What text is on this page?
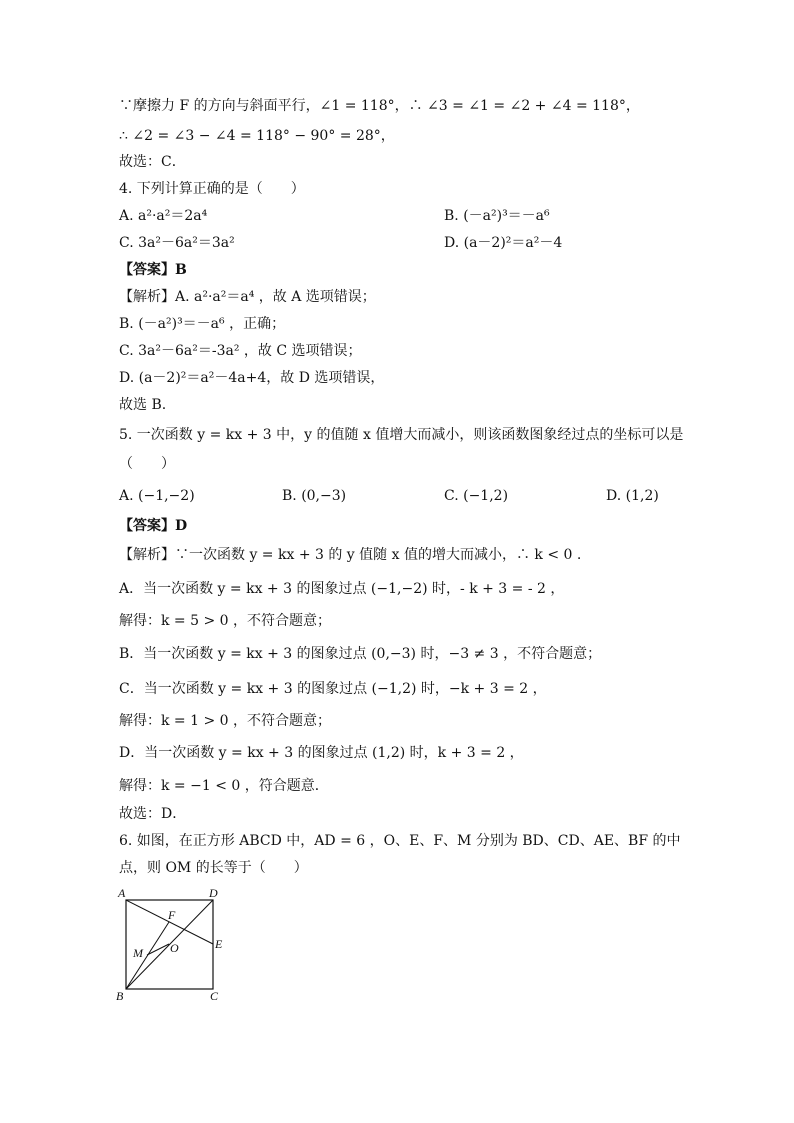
∵摩擦力 F 的方向与斜面平行，∠1 = 118°，∴ ∠3 = ∠1 = ∠2 + ∠4 = 118°，
∴ ∠2 = ∠3 − ∠4 = 118° − 90° = 28°，
故选：C．
4. 下列计算正确的是（　　）
A. a²·a²＝2a⁴	B. (－a²)³＝－a⁶
C. 3a²－6a²＝3a²	D. (a－2)²＝a²－4
【答案】B
【解析】A. a²·a²＝a⁴ ，故 A 选项错误；
B. (－a²)³＝－a⁶ ，正确；
C. 3a²－6a²＝-3a² ，故 C 选项错误；
D. (a－2)²＝a²－4a+4，故 D 选项错误，
故选 B.
5. 一次函数 y = kx + 3 中，y 的值随 x 值增大而减小，则该函数图象经过点的坐标可以是
（　　）
A. (−1,−2)	B. (0,−3)	C. (−1,2)	D. (1,2)
【答案】D
【解析】∵一次函数 y = kx + 3 的 y 值随 x 值的增大而减小，∴ k < 0 .
A．当一次函数 y = kx + 3 的图象过点 (−1,−2) 时，- k + 3 = - 2 ，
解得：k = 5 > 0 ，不符合题意；
B．当一次函数 y = kx + 3 的图象过点 (0,−3) 时，−3 ≠ 3 ，不符合题意；
C．当一次函数 y = kx + 3 的图象过点 (−1,2) 时，−k + 3 = 2 ，
解得：k = 1 > 0 ，不符合题意；
D．当一次函数 y = kx + 3 的图象过点 (1,2) 时，k + 3 = 2 ，
解得：k = −1 < 0 ，符合题意．
故选：D．
6. 如图，在正方形 ABCD 中，AD = 6 ，O、E、F、M 分别为 BD、CD、AE、BF 的中
点，则 OM 的长等于（　　）
A	D
B	C
E
F
M O
